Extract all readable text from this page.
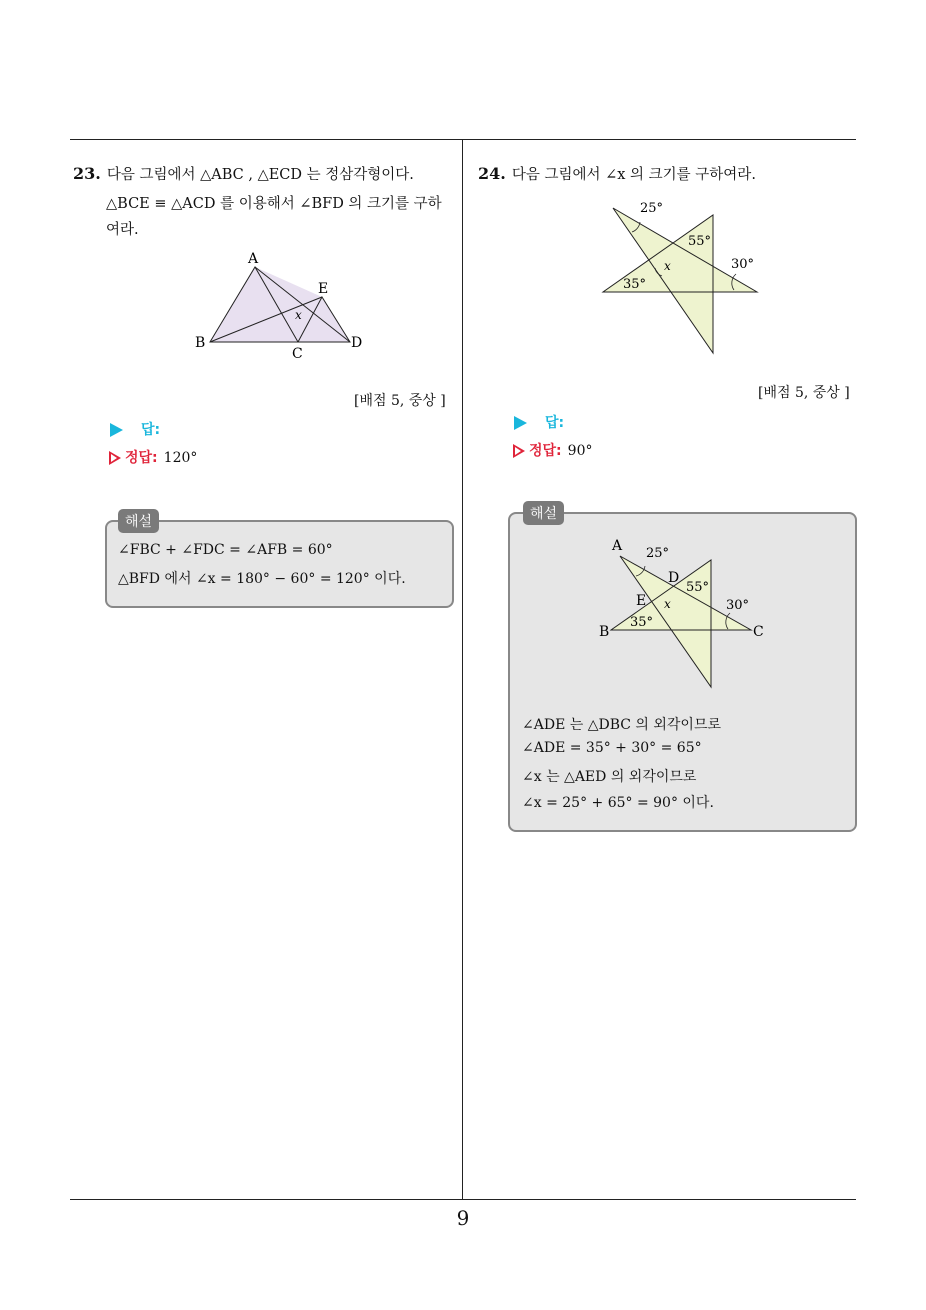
9
23. 다음 그림에서 △ABC , △ECD 는 정삼각형이다.
△BCE ≡ △ACD 를 이용해서 ∠BFD 의 크기를 구하
여라.
A
B
C
D
E
x
[배점 5, 중상 ]
답:
정답: 120°
해설
∠FBC + ∠FDC = ∠AFB = 60°
△BFD 에서 ∠x = 180° − 60° = 120° 이다.
24. 다음 그림에서 ∠x 의 크기를 구하여라.
25°
55°
30°
35°
x
[배점 5, 중상 ]
답:
정답: 90°
해설
A
B	C
D
E
25°
55°
30°
35°
x
∠ADE 는 △DBC 의 외각이므로
∠ADE = 35° + 30° = 65°
∠x 는 △AED 의 외각이므로
∠x = 25° + 65° = 90° 이다.
